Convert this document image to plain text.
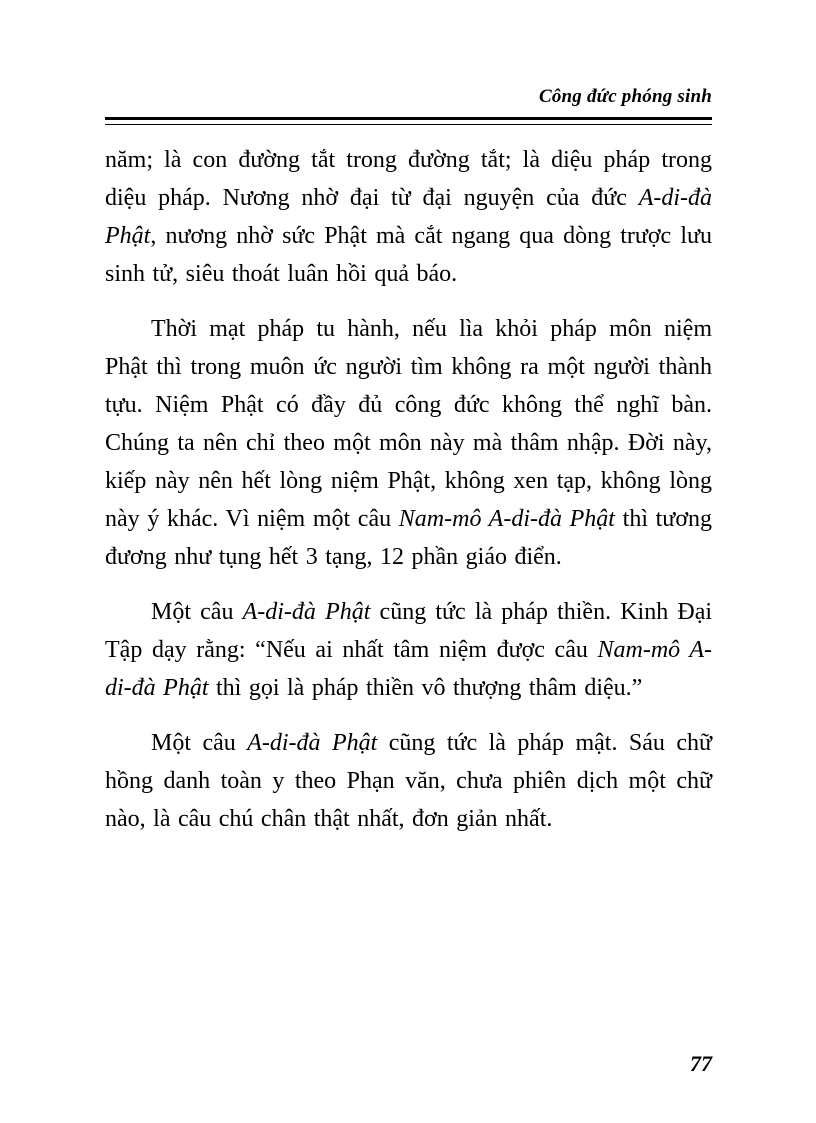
Công đức phóng sinh

năm; là con đường tắt trong đường tắt; là diệu pháp trong diệu pháp. Nương nhờ đại từ đại nguyện của đức A-di-đà Phật, nương nhờ sức Phật mà cắt ngang qua dòng trược lưu sinh tử, siêu thoát luân hồi quả báo.

Thời mạt pháp tu hành, nếu lìa khỏi pháp môn niệm Phật thì trong muôn ức người tìm không ra một người thành tựu. Niệm Phật có đầy đủ công đức không thể nghĩ bàn. Chúng ta nên chỉ theo một môn này mà thâm nhập. Đời này, kiếp này nên hết lòng niệm Phật, không xen tạp, không lòng này ý khác. Vì niệm một câu Nam-mô A-di-đà Phật thì tương đương như tụng hết 3 tạng, 12 phần giáo điển.

Một câu A-di-đà Phật cũng tức là pháp thiền. Kinh Đại Tập dạy rằng: “Nếu ai nhất tâm niệm được câu Nam-mô A-di-đà Phật thì gọi là pháp thiền vô thượng thâm diệu.”

Một câu A-di-đà Phật cũng tức là pháp mật. Sáu chữ hồng danh toàn y theo Phạn văn, chưa phiên dịch một chữ nào, là câu chú chân thật nhất, đơn giản nhất.

77
